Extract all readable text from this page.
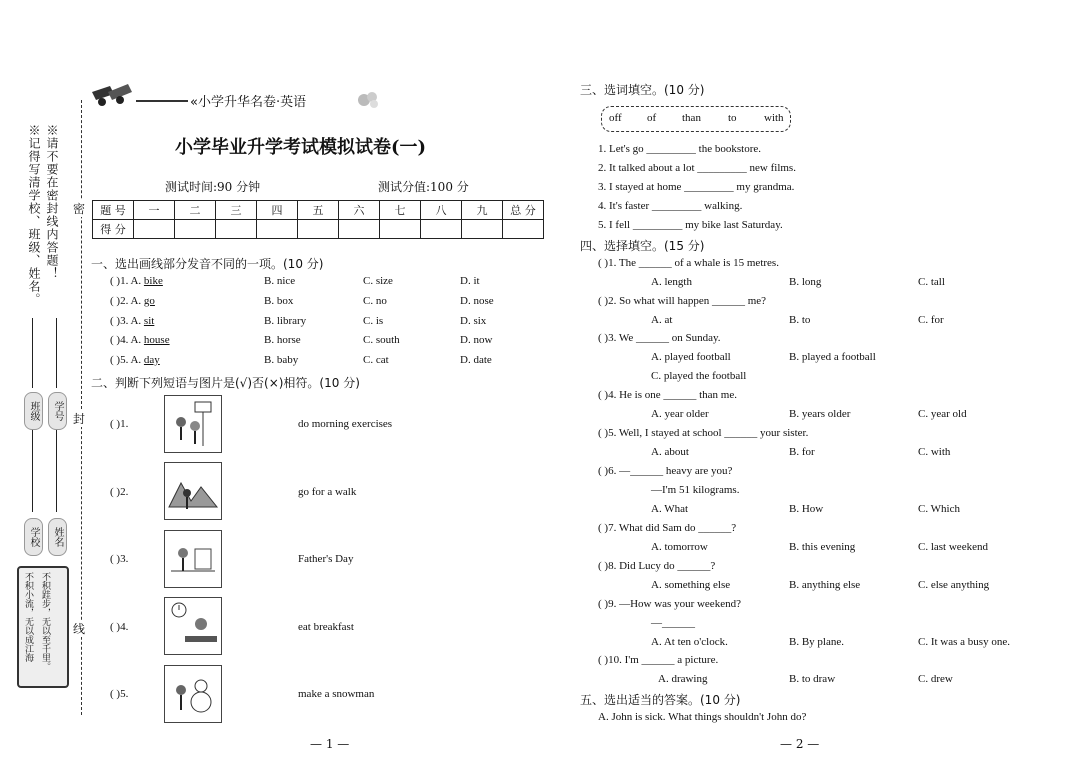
※请不要在密封线内答题！
※记得写清学校、班级、姓名。
班级	学号
学校	姓名
不积小流，无以成江海 不积跬步，无以至千里。
密
封
线
«小学升华名卷·英语
小学毕业升学考试模拟试卷(一)
测试时间:90 分钟	测试分值:100 分
题 号	一	二	三	四	五	六	七	八	九	总 分
得 分										
一、选出画线部分发音不同的一项。(10 分)
( )1. A. bike	B. nice	C. size	D. it
( )2. A. go	B. box	C. no	D. nose
( )3. A. sit	B. library	C. is	D. six
( )4. A. house	B. horse	C. south	D. now
( )5. A. day	B. baby	C. cat	D. date
二、判断下列短语与图片是(√)否(×)相符。(10 分)
( )1.	do morning exercises
( )2.	go for a walk
( )3.	Father's Day
( )4.	eat breakfast
( )5.	make a snowman
— 1 —
三、选词填空。(10 分)
off of than to with
1. Let's go _________ the bookstore.
2. It talked about a lot _________ new films.
3. I stayed at home _________ my grandma.
4. It's faster _________ walking.
5. I fell _________ my bike last Saturday.
四、选择填空。(15 分)
( )1. The ______ of a whale is 15 metres.
A. length	B. long	C. tall
( )2. So what will happen ______ me?
A. at	B. to	C. for
( )3. We ______ on Sunday.
A. played football	B. played a football
C. played the football
( )4. He is one ______ than me.
A. year older	B. years older	C. year old
( )5. Well, I stayed at school ______ your sister.
A. about	B. for	C. with
( )6. —______ heavy are you?
—I'm 51 kilograms.
A. What	B. How	C. Which
( )7. What did Sam do ______?
A. tomorrow	B. this evening	C. last weekend
( )8. Did Lucy do ______?
A. something else	B. anything else	C. else anything
( )9. —How was your weekend?
—______
A. At ten o'clock.	B. By plane.	C. It was a busy one.
( )10. I'm ______ a picture.
A. drawing	B. to draw	C. drew
五、选出适当的答案。(10 分)
A. John is sick. What things shouldn't John do?
— 2 —
